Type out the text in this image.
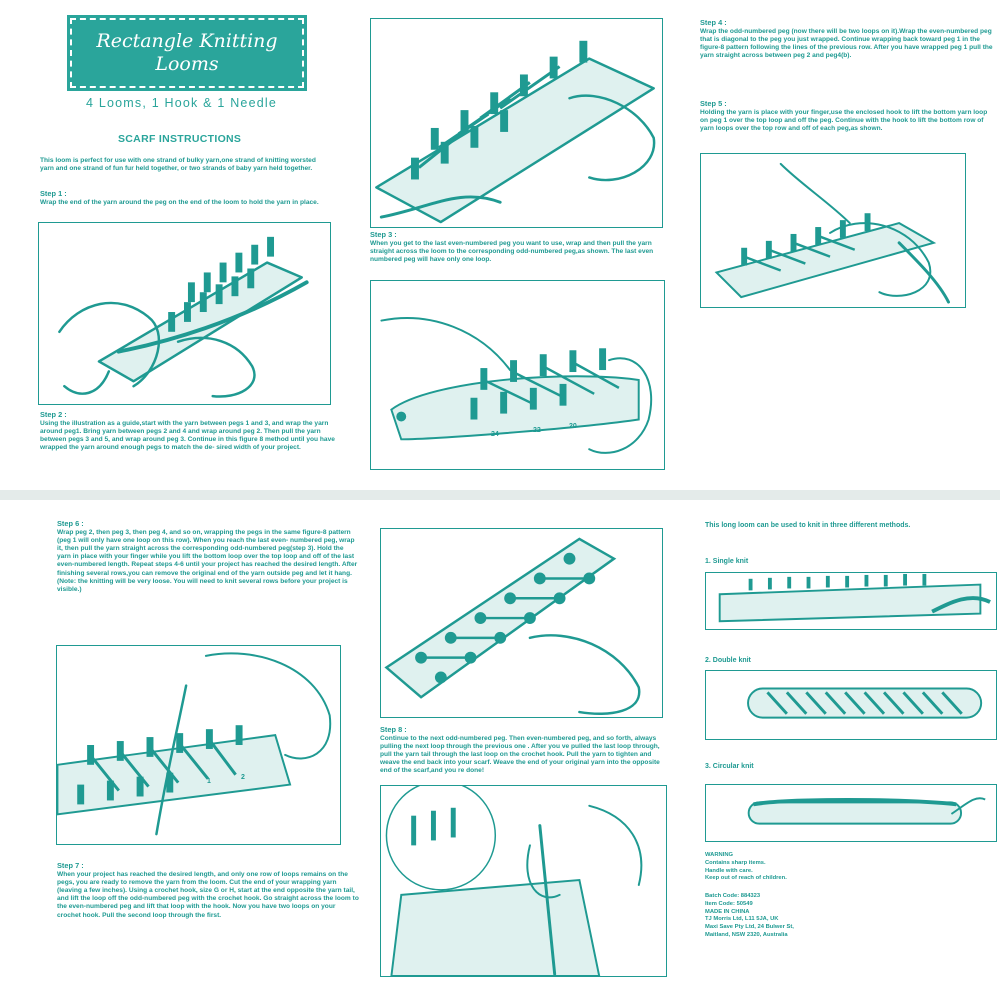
Rectangle Knitting
Looms
4 Looms, 1 Hook & 1 Needle
SCARF INSTRUCTIONS
This loom is perfect for use with one strand of bulky yarn,one strand of knitting worsted yarn and one strand of fun fur held together, or two strands of baby yarn held together.
Step 1 :
Wrap the end of the yarn around the peg on the end of the loom to hold the yarn in place.
Step 2 :
Using the illustration as a guide,start with the yarn between pegs 1 and 3, and wrap the yarn around peg1. Bring yarn between pegs 2 and 4 and wrap around peg 2. Then pull the yarn between pegs 3 and 5, and wrap around peg 3. Continue in this figure 8 method until you have wrapped the yarn around enough pegs to match the de- sired width of your project.
Step 3 :
When you get to the last even-numbered peg you want to use, wrap and then pull the yarn straight across the loom to the corresponding odd-numbered peg,as shown. The last even numbered peg will have only one loop.
24
22
20
Step 4 :
Wrap the odd-numbered peg (now there will be two loops on it).Wrap the even-numbered peg that is diagonal to the peg you just wrapped. Continue wrapping back toward peg 1 in the figure-8 pattern following the lines of the previous row. After you have wrapped peg 1 pull the yarn straight across between peg 2 and peg4(b).
Step 5 :
Holding the yarn is place with your finger,use the enclosed hook to lift the bottom yarn loop on peg 1 over the top loop and off the peg. Continue with the hook to lift the bottom row of yarn loops over the top row and off of each peg,as shown.
Step 6 :
Wrap peg 2, then peg 3, then peg 4, and so on, wrapping the pegs in the same figure-8 pattern (peg 1 will only have one loop on this row). When you reach the last even- numbered peg, wrap it, then pull the yarn straight across the corresponding odd-numbered peg(step 3). Hold the yarn in place with your finger while you lift the bottom loop over the top loop and off of the last even-numbered length. Repeat steps 4-6 until your project has reached the desired length. After finishing several rows,you can remove the original end of the yarn outside peg and let it hang. (Note: the knitting will be very loose. You will need to knit several rows before your project is visible.)
1
2
Step 7 :
When your project has reached the desired length, and only one row of loops remains on the pegs, you are ready to remove the yarn from the loom. Cut the end of your wrapping yarn (leaving a few inches). Using a crochet hook, size G or H, start at the end opposite the yarn tail, and lift the loop off the odd-numbered peg with the crochet hook. Go straight across the loom to the even-numbered peg and lift that loop with the hook. Now you have two loops on your crochet hook. Pull the second loop through the first.
Step 8 :
Continue to the next odd-numbered peg. Then even-numbered peg, and so forth, always pulling the next loop through the previous one . After you ve pulled the last loop through, pull the yarn tail through the last loop on the crochet hook. Pull the yarn to tighten and weave the end back into your scarf. Weave the end of your original yarn into the opposite end of the scarf,and you re done!
This long loom can be used to knit in three different methods.
1. Single knit
2. Double knit
3. Circular knit
WARNING
Contains sharp items.
Handle with care.
Keep out of reach of children.
Batch Code: 884323
Item Code: 50549
MADE IN CHINA
TJ Morris Ltd, L11 5JA, UK
Maxi Save Pty Ltd, 24 Bulwer St,
Maitland, NSW 2320, Australia
